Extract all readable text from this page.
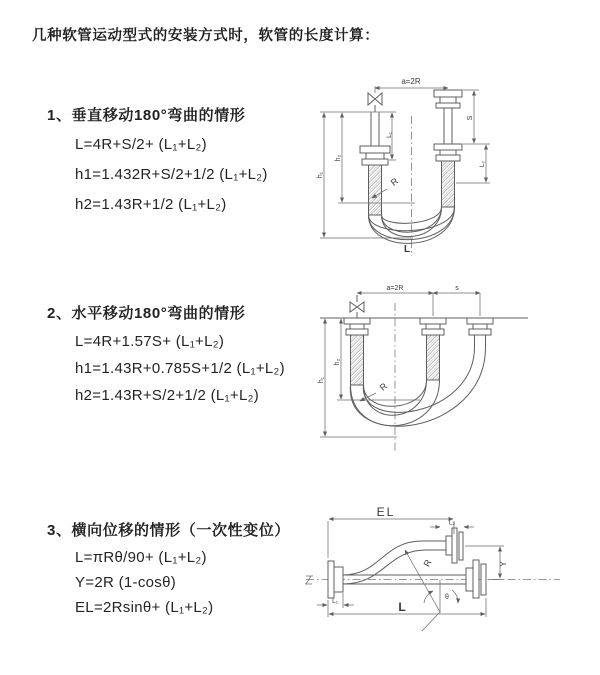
几种软管运动型式的安装方式时，软管的长度计算：
1、垂直移动180°弯曲的情形
L=4R+S/2+ (L₁+L₂)
h1=1.432R+S/2+1/2 (L₁+L₂)
h2=1.43R+1/2 (L₁+L₂)
2、水平移动180°弯曲的情形
L=4R+1.57S+ (L₁+L₂)
h1=1.43R+0.785S+1/2 (L₁+L₂)
h2=1.43R+S/2+1/2 (L₁+L₂)
3、横向位移的情形（一次性变位）
L=πRθ/90+ (L₁+L₂)
Y=2R (1-cosθ)
EL=2Rsinθ+ (L₁+L₂)
a=2R
S
L₂
L₁
h₂
h₁
R
L
a=2R	s
h₂
h₁
R
θ
R
EL
L₂
Y
L
L₁
